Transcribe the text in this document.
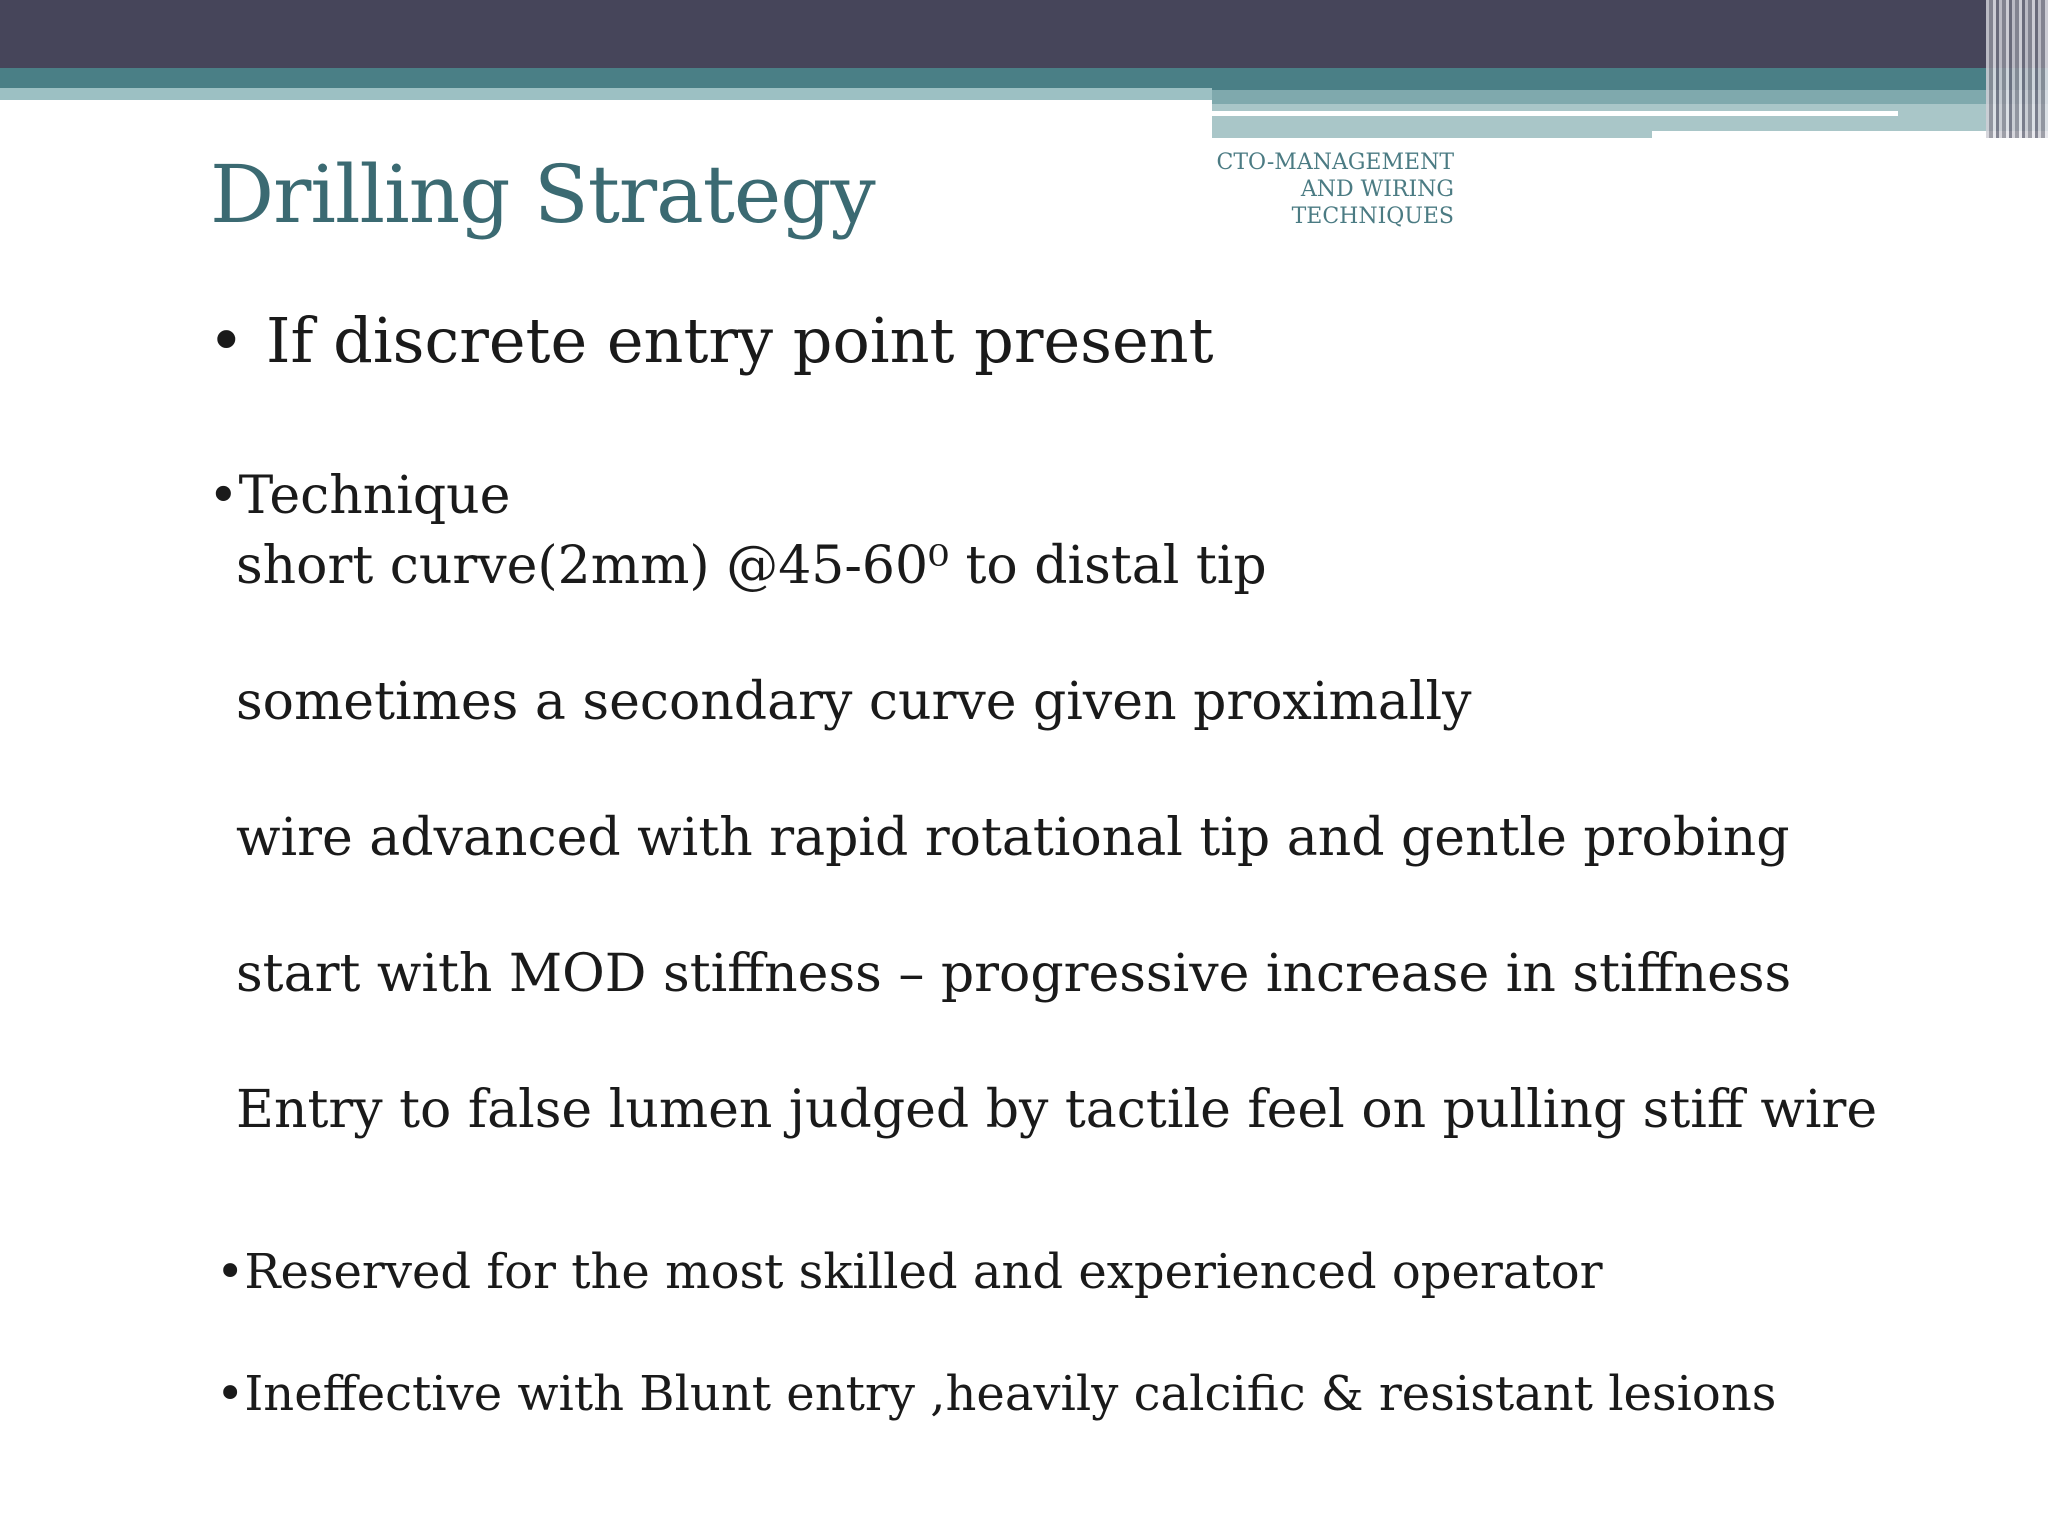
Drilling Strategy	CTO-MANAGEMENT
AND WIRING
TECHNIQUES
• If discrete entry point present
•Technique
short curve(2mm) @45-60⁰ to distal tip
sometimes a secondary curve given proximally
wire advanced with rapid rotational tip and gentle probing
start with MOD stiffness – progressive increase in stiffness
Entry to false lumen judged by tactile feel on pulling stiff wire
•Reserved for the most skilled and experienced operator
•Ineffective with Blunt entry ,heavily calcific & resistant lesions
